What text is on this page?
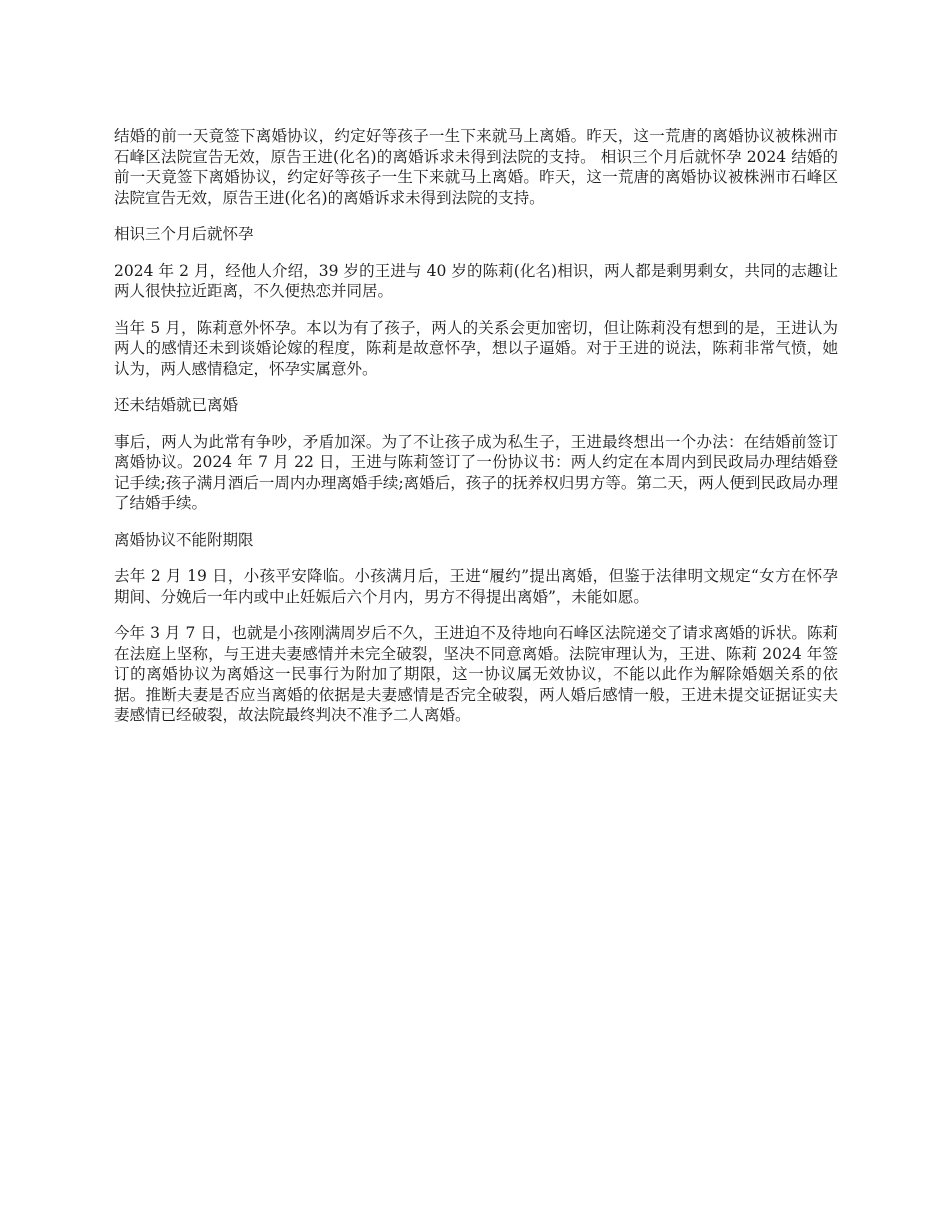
结婚的前一天竟签下离婚协议，约定好等孩子一生下来就马上离婚。昨天，这一荒唐的离婚协议被株洲市石峰区法院宣告无效，原告王进(化名)的离婚诉求未得到法院的支持。 相识三个月后就怀孕 2024 结婚的前一天竟签下离婚协议，约定好等孩子一生下来就马上离婚。昨天，这一荒唐的离婚协议被株洲市石峰区法院宣告无效，原告王进(化名)的离婚诉求未得到法院的支持。

相识三个月后就怀孕

2024 年 2 月，经他人介绍，39 岁的王进与 40 岁的陈莉(化名)相识，两人都是剩男剩女，共同的志趣让两人很快拉近距离，不久便热恋并同居。

当年 5 月，陈莉意外怀孕。本以为有了孩子，两人的关系会更加密切，但让陈莉没有想到的是，王进认为两人的感情还未到谈婚论嫁的程度，陈莉是故意怀孕，想以子逼婚。对于王进的说法，陈莉非常气愤，她认为，两人感情稳定，怀孕实属意外。

还未结婚就已离婚

事后，两人为此常有争吵，矛盾加深。为了不让孩子成为私生子，王进最终想出一个办法：在结婚前签订离婚协议。2024 年 7 月 22 日，王进与陈莉签订了一份协议书：两人约定在本周内到民政局办理结婚登记手续;孩子满月酒后一周内办理离婚手续;离婚后，孩子的抚养权归男方等。第二天，两人便到民政局办理了结婚手续。

离婚协议不能附期限

去年 2 月 19 日，小孩平安降临。小孩满月后，王进“履约”提出离婚，但鉴于法律明文规定“女方在怀孕期间、分娩后一年内或中止妊娠后六个月内，男方不得提出离婚”，未能如愿。

今年 3 月 7 日，也就是小孩刚满周岁后不久，王进迫不及待地向石峰区法院递交了请求离婚的诉状。陈莉在法庭上坚称，与王进夫妻感情并未完全破裂，坚决不同意离婚。法院审理认为，王进、陈莉 2024 年签订的离婚协议为离婚这一民事行为附加了期限，这一协议属无效协议，不能以此作为解除婚姻关系的依据。推断夫妻是否应当离婚的依据是夫妻感情是否完全破裂，两人婚后感情一般，王进未提交证据证实夫妻感情已经破裂，故法院最终判决不准予二人离婚。
